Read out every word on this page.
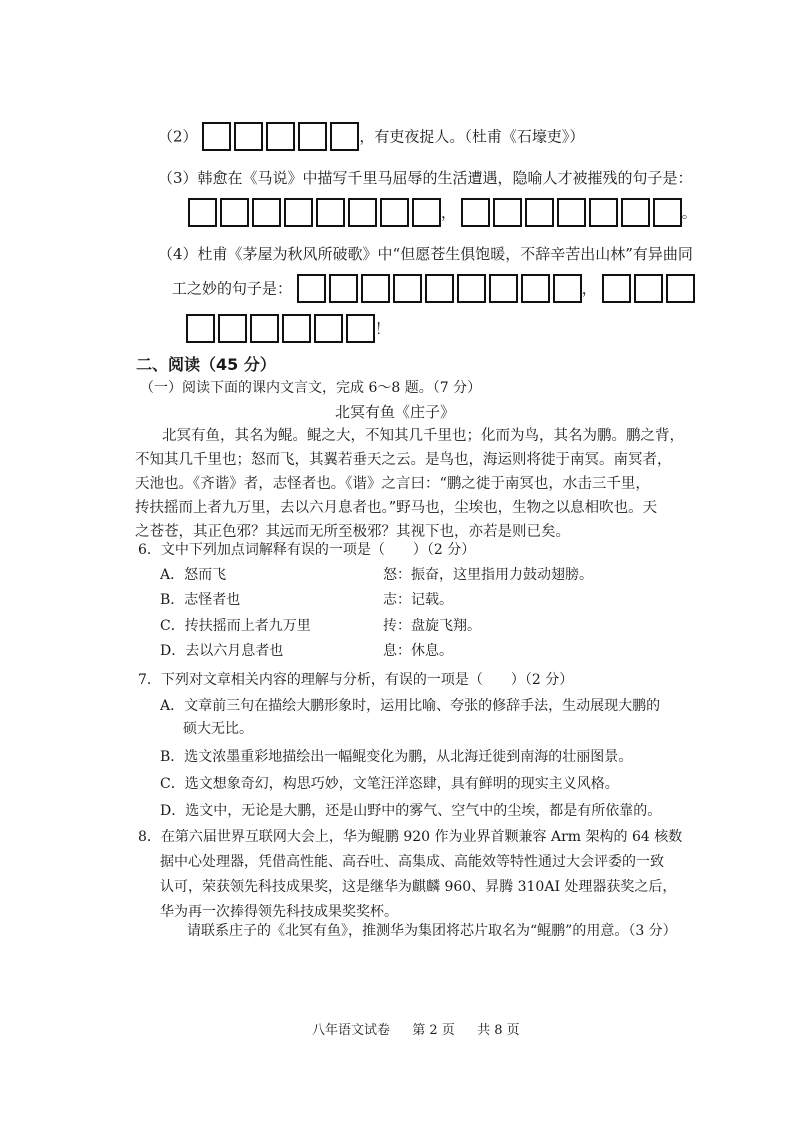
（2）	，有吏夜捉人。（杜甫《石壕吏》）
（3）韩愈在《马说》中描写千里马屈辱的生活遭遇，隐喻人才被摧残的句子是：
，	。
（4）杜甫《茅屋为秋风所破歌》中“但愿苍生俱饱暖，不辞辛苦出山林”有异曲同
工之妙的句子是：	，
！
二、阅读（45 分）
（一）阅读下面的课内文言文，完成 6～8 题。（7 分）
北冥有鱼《庄子》
北冥有鱼，其名为鲲。鲲之大，不知其几千里也；化而为鸟，其名为鹏。鹏之背，
不知其几千里也；怒而飞，其翼若垂天之云。是鸟也，海运则将徙于南冥。南冥者，
天池也。《齐谐》者，志怪者也。《谐》之言曰：“鹏之徙于南冥也，水击三千里，
抟扶摇而上者九万里，去以六月息者也。”野马也，尘埃也，生物之以息相吹也。天
之苍苍，其正色邪？其远而无所至极邪？其视下也，亦若是则已矣。
6．文中下列加点词解释有误的一项是（　　）（2 分）
A．怒而飞	怒：振奋，这里指用力鼓动翅膀。
B．志怪者也	志：记载。
C．抟扶摇而上者九万里	抟：盘旋飞翔。
D．去以六月息者也	息：休息。
7．下列对文章相关内容的理解与分析，有误的一项是（　　）（2 分）
A．文章前三句在描绘大鹏形象时，运用比喻、夸张的修辞手法，生动展现大鹏的
硕大无比。
B．选文浓墨重彩地描绘出一幅鲲变化为鹏，从北海迁徙到南海的壮丽图景。
C．选文想象奇幻，构思巧妙，文笔汪洋恣肆，具有鲜明的现实主义风格。
D．选文中，无论是大鹏，还是山野中的雾气、空气中的尘埃，都是有所依靠的。
8．在第六届世界互联网大会上，华为鲲鹏 920 作为业界首颗兼容 Arm 架构的 64 核数
据中心处理器，凭借高性能、高吞吐、高集成、高能效等特性通过大会评委的一致
认可，荣获领先科技成果奖，这是继华为麒麟 960、昇腾 310AI 处理器获奖之后，
华为再一次捧得领先科技成果奖奖杯。
请联系庄子的《北冥有鱼》，推测华为集团将芯片取名为“鲲鹏”的用意。（3 分）
八年语文试卷 第 2 页 共 8 页
